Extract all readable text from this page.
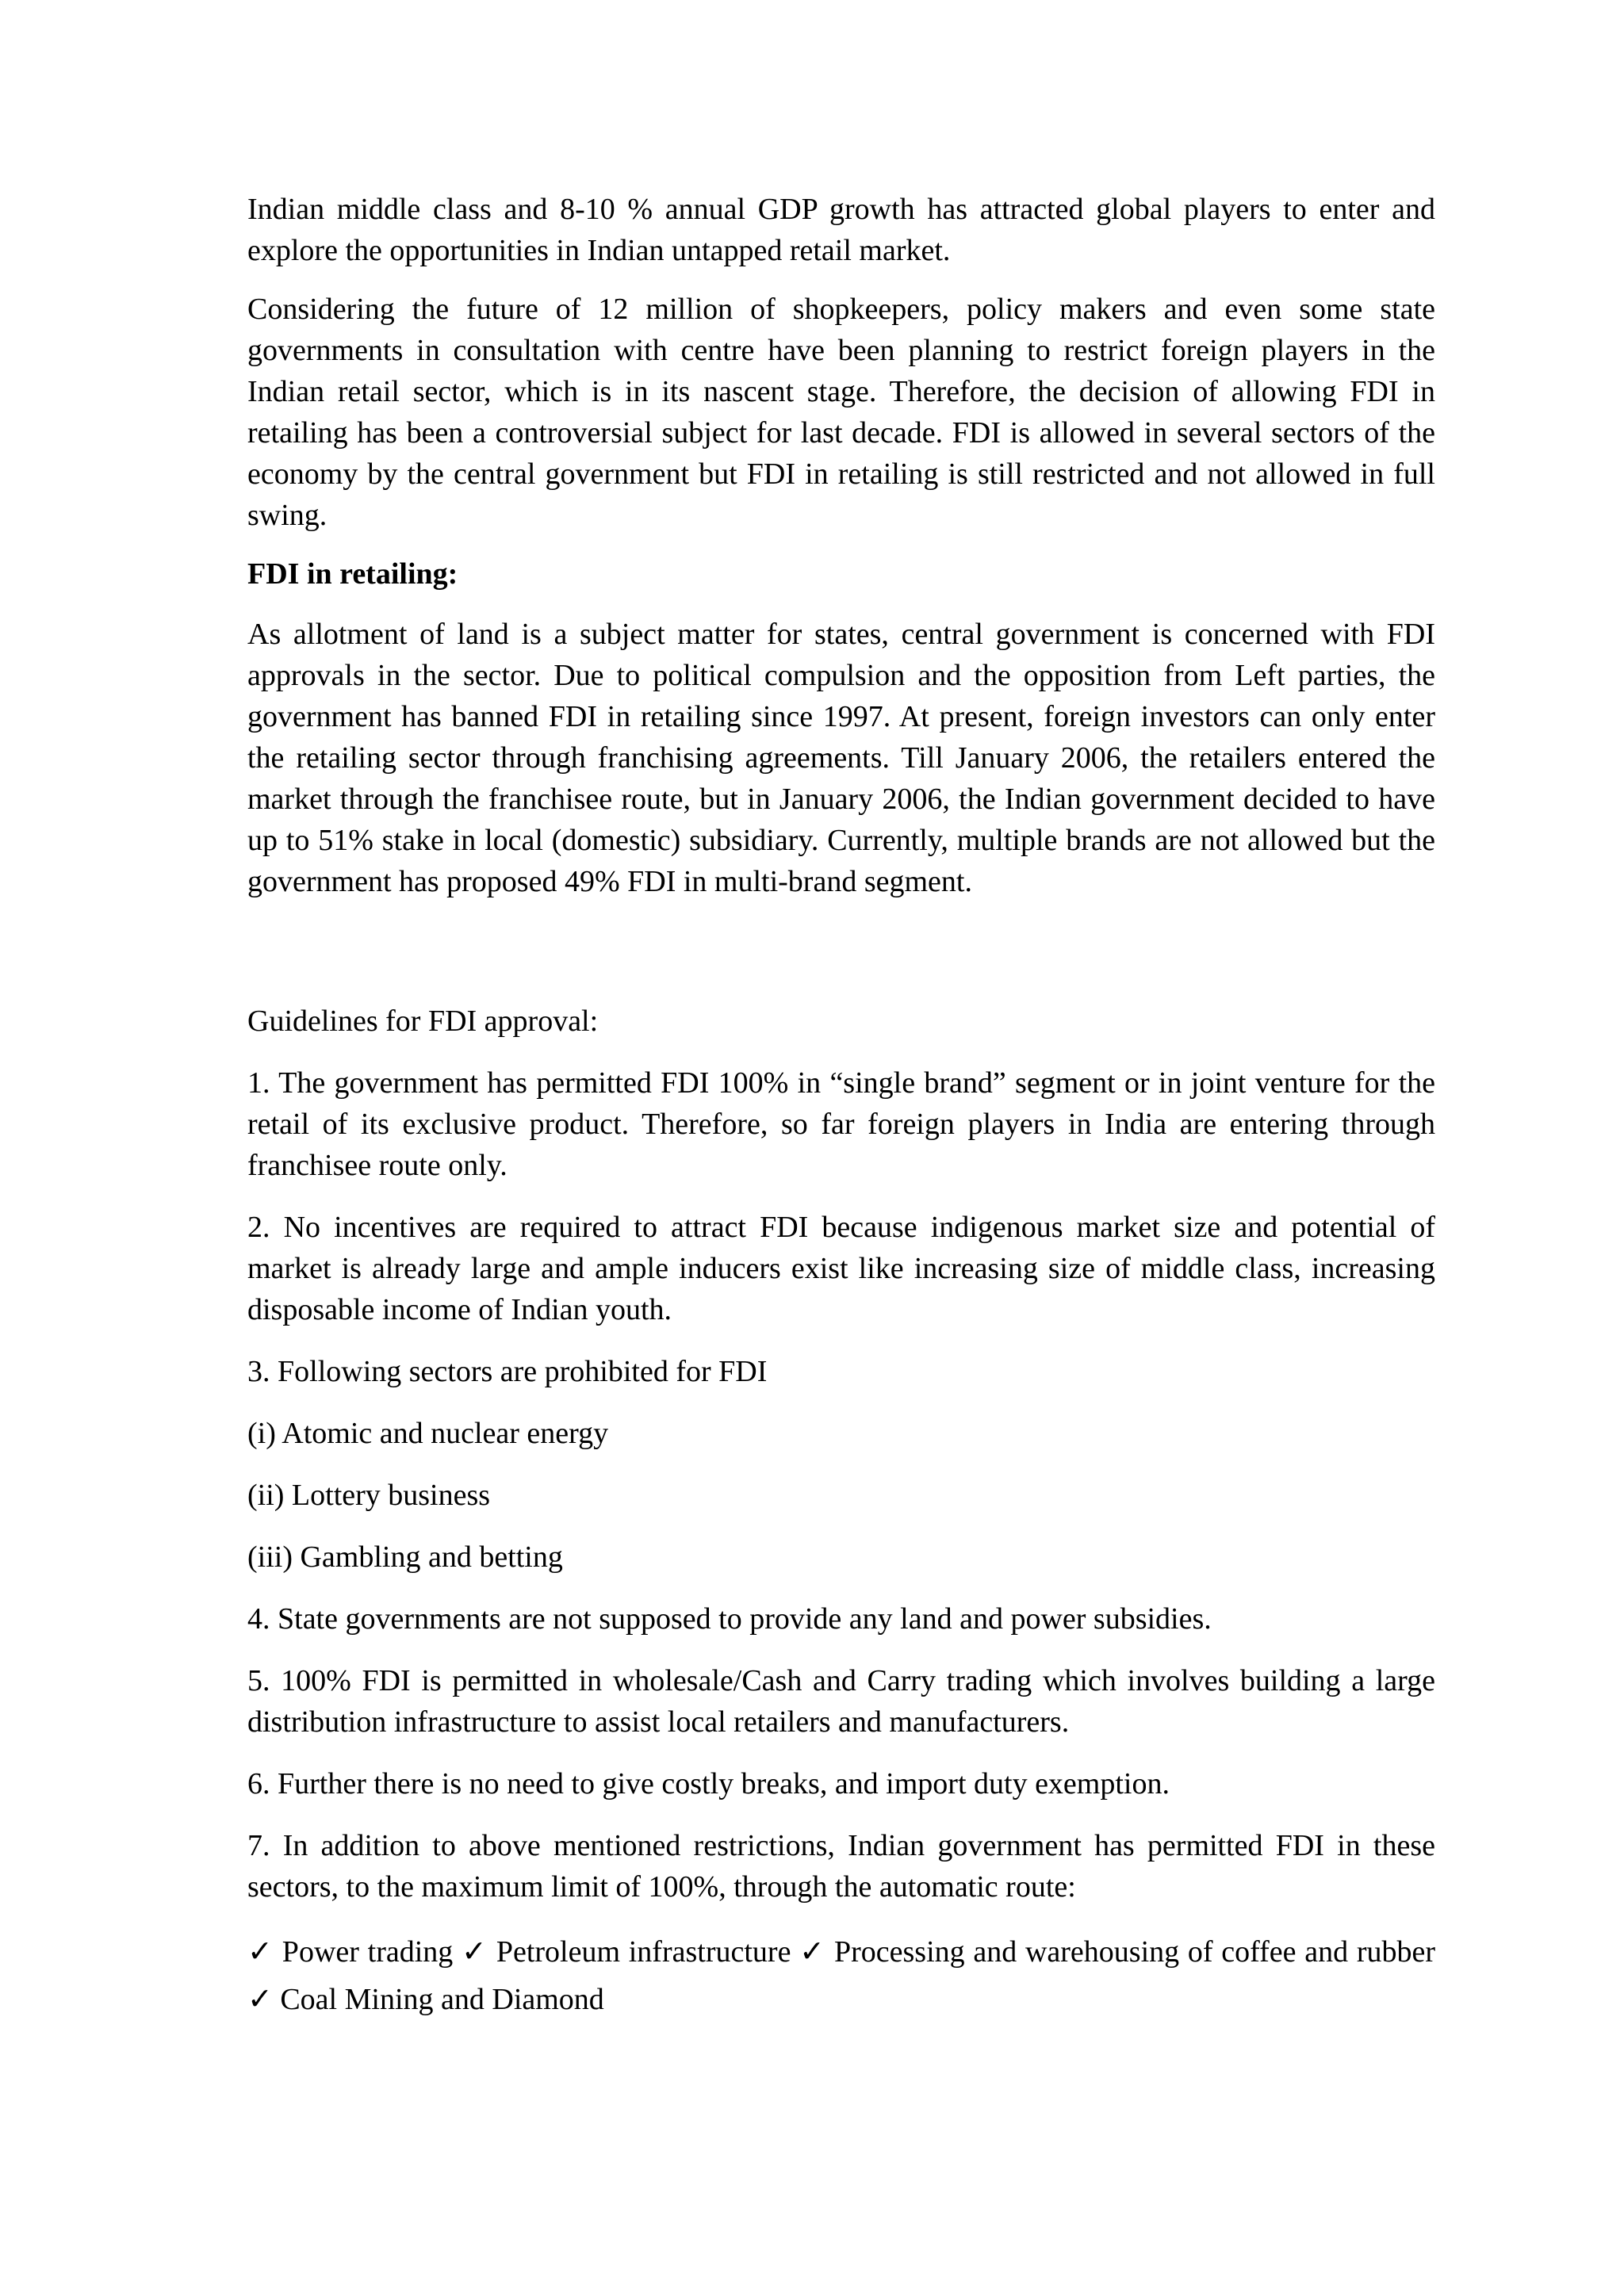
Indian middle class and 8-10 % annual GDP growth has attracted global players to enter and explore the opportunities in Indian untapped retail market.

Considering the future of 12 million of shopkeepers, policy makers and even some state governments in consultation with centre have been planning to restrict foreign players in the Indian retail sector, which is in its nascent stage. Therefore, the decision of allowing FDI in retailing has been a controversial subject for last decade. FDI is allowed in several sectors of the economy by the central government but FDI in retailing is still restricted and not allowed in full swing.

FDI in retailing:

As allotment of land is a subject matter for states, central government is concerned with FDI approvals in the sector. Due to political compulsion and the opposition from Left parties, the government has banned FDI in retailing since 1997. At present, foreign investors can only enter the retailing sector through franchising agreements. Till January 2006, the retailers entered the market through the franchisee route, but in January 2006, the Indian government decided to have up to 51% stake in local (domestic) subsidiary. Currently, multiple brands are not allowed but the government has proposed 49% FDI in multi-brand segment.

Guidelines for FDI approval:

1. The government has permitted FDI 100% in “single brand” segment or in joint venture for the retail of its exclusive product. Therefore, so far foreign players in India are entering through franchisee route only.

2. No incentives are required to attract FDI because indigenous market size and potential of market is already large and ample inducers exist like increasing size of middle class, increasing disposable income of Indian youth.

3. Following sectors are prohibited for FDI

(i) Atomic and nuclear energy

(ii) Lottery business

(iii) Gambling and betting

4. State governments are not supposed to provide any land and power subsidies.

5. 100% FDI is permitted in wholesale/Cash and Carry trading which involves building a large distribution infrastructure to assist local retailers and manufacturers.

6. Further there is no need to give costly breaks, and import duty exemption.

7. In addition to above mentioned restrictions, Indian government has permitted FDI in these sectors, to the maximum limit of 100%, through the automatic route:

✓ Power trading ✓ Petroleum infrastructure ✓ Processing and warehousing of coffee and rubber ✓ Coal Mining and Diamond
